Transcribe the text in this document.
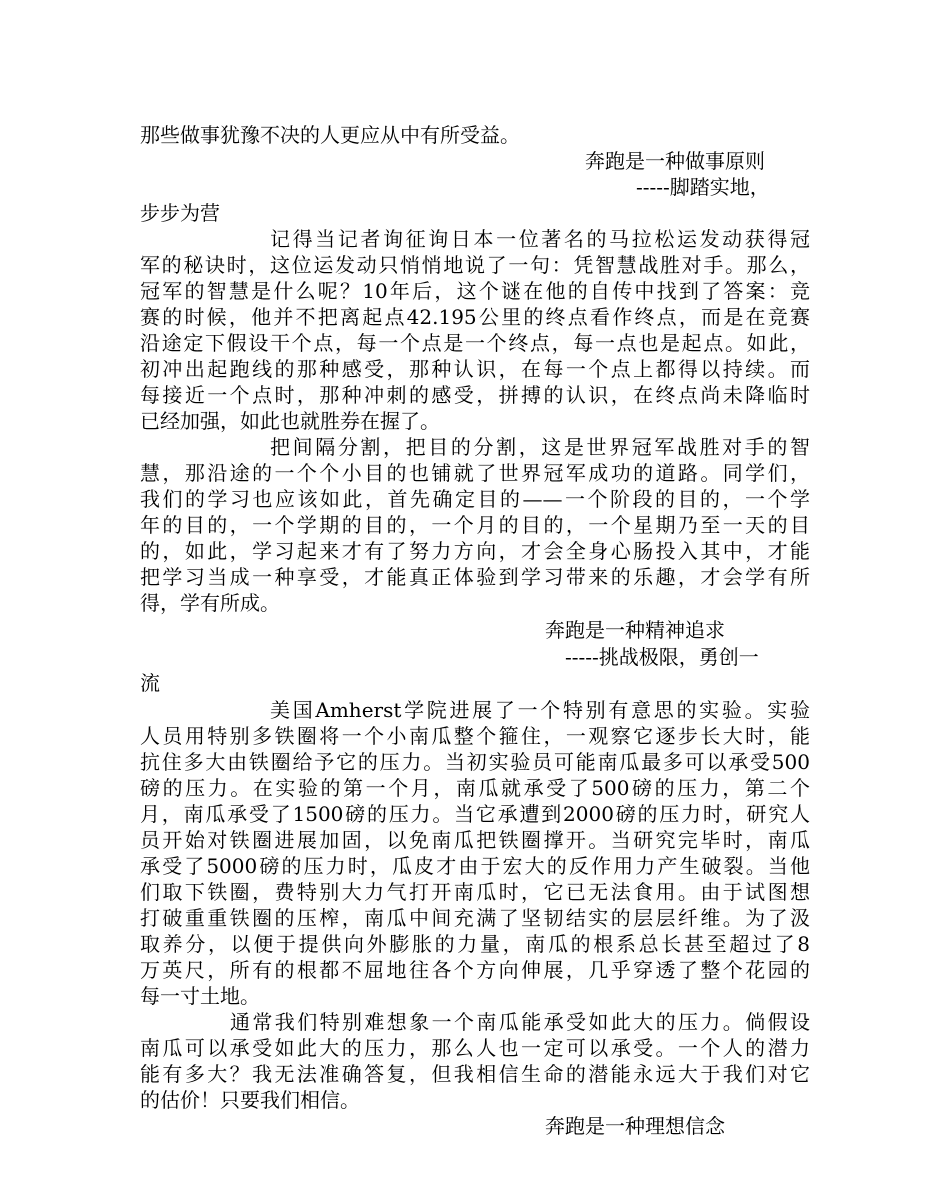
那些做事犹豫不决的人更应从中有所受益。

奔跑是一种做事原则

-----脚踏实地，

步步为营

记得当记者询征询日本一位著名的马拉松运发动获得冠

军的秘诀时，这位运发动只悄悄地说了一句：凭智慧战胜对手。那么，

冠军的智慧是什么呢？10年后，这个谜在他的自传中找到了答案：竞

赛的时候，他并不把离起点42.195公里的终点看作终点，而是在竞赛

沿途定下假设干个点，每一个点是一个终点，每一点也是起点。如此，

初冲出起跑线的那种感受，那种认识，在每一个点上都得以持续。而

每接近一个点时，那种冲刺的感受，拼搏的认识，在终点尚未降临时

已经加强，如此也就胜券在握了。

把间隔分割，把目的分割，这是世界冠军战胜对手的智

慧，那沿途的一个个小目的也铺就了世界冠军成功的道路。同学们，

我们的学习也应该如此，首先确定目的——一个阶段的目的，一个学

年的目的，一个学期的目的，一个月的目的，一个星期乃至一天的目

的，如此，学习起来才有了努力方向，才会全身心肠投入其中，才能

把学习当成一种享受，才能真正体验到学习带来的乐趣，才会学有所

得，学有所成。

奔跑是一种精神追求

-----挑战极限，勇创一

流

美国Amherst学院进展了一个特别有意思的实验。实验

人员用特别多铁圈将一个小南瓜整个箍住，一观察它逐步长大时，能

抗住多大由铁圈给予它的压力。当初实验员可能南瓜最多可以承受500

磅的压力。在实验的第一个月，南瓜就承受了500磅的压力，第二个

月，南瓜承受了1500磅的压力。当它承遭到2000磅的压力时，研究人

员开始对铁圈进展加固，以免南瓜把铁圈撑开。当研究完毕时，南瓜

承受了5000磅的压力时，瓜皮才由于宏大的反作用力产生破裂。当他

们取下铁圈，费特别大力气打开南瓜时，它已无法食用。由于试图想

打破重重铁圈的压榨，南瓜中间充满了坚韧结实的层层纤维。为了汲

取养分，以便于提供向外膨胀的力量，南瓜的根系总长甚至超过了8

万英尺，所有的根都不屈地往各个方向伸展，几乎穿透了整个花园的

每一寸土地。

通常我们特别难想象一个南瓜能承受如此大的压力。倘假设

南瓜可以承受如此大的压力，那么人也一定可以承受。一个人的潜力

能有多大？我无法准确答复，但我相信生命的潜能永远大于我们对它

的估价！只要我们相信。

奔跑是一种理想信念
